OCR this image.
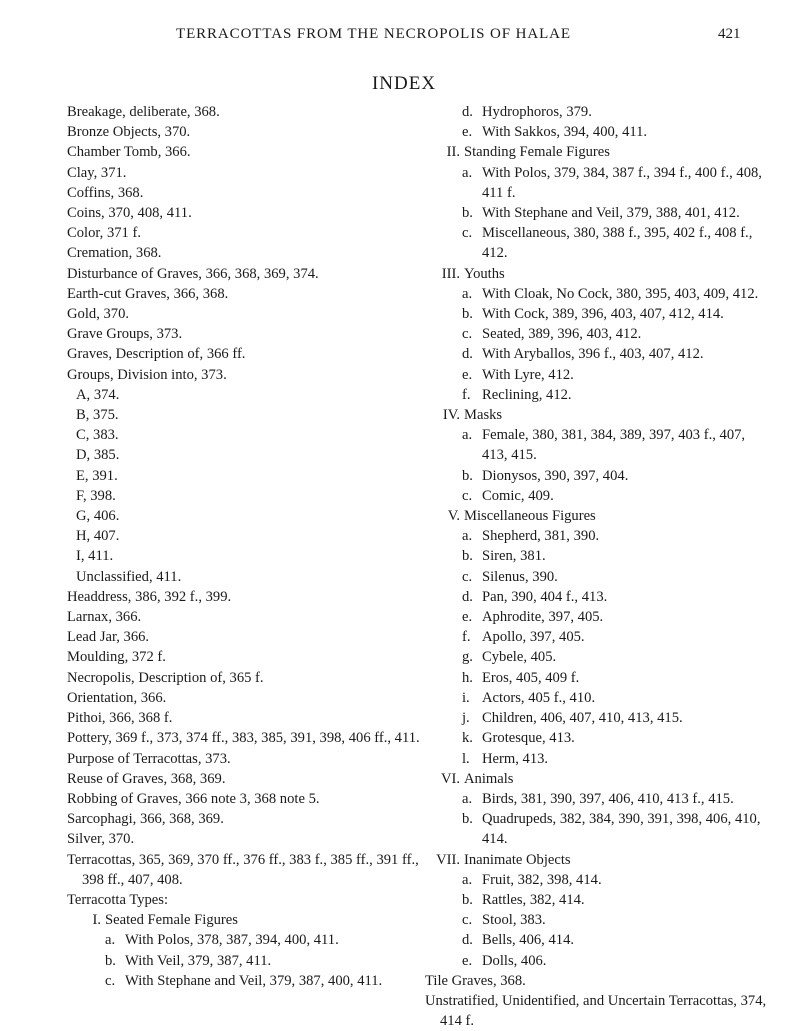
TERRACOTTAS FROM THE NECROPOLIS OF HALAE	421
INDEX
Breakage, deliberate, 368.
Bronze Objects, 370.
Chamber Tomb, 366.
Clay, 371.
Coffins, 368.
Coins, 370, 408, 411.
Color, 371 f.
Cremation, 368.
Disturbance of Graves, 366, 368, 369, 374.
Earth-cut Graves, 366, 368.
Gold, 370.
Grave Groups, 373.
Graves, Description of, 366 ff.
Groups, Division into, 373.
A, 374.
B, 375.
C, 383.
D, 385.
E, 391.
F, 398.
G, 406.
H, 407.
I, 411.
Unclassified, 411.
Headdress, 386, 392 f., 399.
Larnax, 366.
Lead Jar, 366.
Moulding, 372 f.
Necropolis, Description of, 365 f.
Orientation, 366.
Pithoi, 366, 368 f.
Pottery, 369 f., 373, 374 ff., 383, 385, 391, 398, 406 ff., 411.
Purpose of Terracottas, 373.
Reuse of Graves, 368, 369.
Robbing of Graves, 366 note 3, 368 note 5.
Sarcophagi, 366, 368, 369.
Silver, 370.
Terracottas, 365, 369, 370 ff., 376 ff., 383 f., 385 ff., 391 ff., 398 ff., 407, 408.
Terracotta Types:
I. Seated Female Figures
a. With Polos, 378, 387, 394, 400, 411.
b. With Veil, 379, 387, 411.
c. With Stephane and Veil, 379, 387, 400, 411.
d. Hydrophoros, 379.
e. With Sakkos, 394, 400, 411.
II. Standing Female Figures
a. With Polos, 379, 384, 387 f., 394 f., 400 f., 408, 411 f.
b. With Stephane and Veil, 379, 388, 401, 412.
c. Miscellaneous, 380, 388 f., 395, 402 f., 408 f., 412.
III. Youths
a. With Cloak, No Cock, 380, 395, 403, 409, 412.
b. With Cock, 389, 396, 403, 407, 412, 414.
c. Seated, 389, 396, 403, 412.
d. With Aryballos, 396 f., 403, 407, 412.
e. With Lyre, 412.
f. Reclining, 412.
IV. Masks
a. Female, 380, 381, 384, 389, 397, 403 f., 407, 413, 415.
b. Dionysos, 390, 397, 404.
c. Comic, 409.
V. Miscellaneous Figures
a. Shepherd, 381, 390.
b. Siren, 381.
c. Silenus, 390.
d. Pan, 390, 404 f., 413.
e. Aphrodite, 397, 405.
f. Apollo, 397, 405.
g. Cybele, 405.
h. Eros, 405, 409 f.
i. Actors, 405 f., 410.
j. Children, 406, 407, 410, 413, 415.
k. Grotesque, 413.
l. Herm, 413.
VI. Animals
a. Birds, 381, 390, 397, 406, 410, 413 f., 415.
b. Quadrupeds, 382, 384, 390, 391, 398, 406, 410, 414.
VII. Inanimate Objects
a. Fruit, 382, 398, 414.
b. Rattles, 382, 414.
c. Stool, 383.
d. Bells, 406, 414.
e. Dolls, 406.
Tile Graves, 368.
Unstratified, Unidentified, and Uncertain Terracottas, 374, 414 f.
